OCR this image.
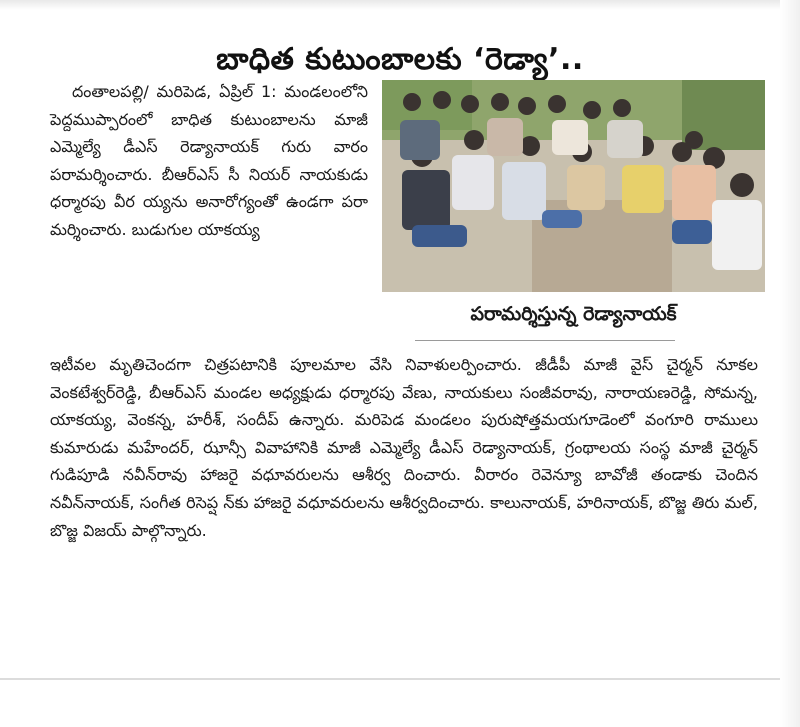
బాధిత కుటుంబాలకు ‘రెడ్యా’..

దంతాలపల్లి/ మరిపెడ, ఏప్రిల్ 1: మండలంలోని పెద్దముప్పారంలో బాధిత కుటుంబాలను మాజీ ఎమ్మెల్యే డీఎస్ రెడ్యానాయక్ గురు వారం పరామర్శించారు. బీఆర్ఎస్ సీ నియర్ నాయకుడు ధర్మారపు వీర య్యను అనారోగ్యంతో ఉండగా పరా మర్శించారు. బుడుగుల యాకయ్య

పరామర్శిస్తున్న రెడ్యానాయక్

ఇటీవల మృతిచెందగా చిత్రపటానికి పూలమాల వేసి నివాళులర్పించారు. జీడీపీ మాజీ వైస్ చైర్మన్ నూకల వెంకటేశ్వర్‌రెడ్డి, బీఆర్ఎస్ మండల అధ్యక్షుడు ధర్మారపు వేణు, నాయకులు సంజీవరావు, నారాయణరెడ్డి, సోమన్న, యాకయ్య, వెంకన్న, హరీశ్, సందీప్ ఉన్నారు. మరిపెడ మండలం పురుషోత్తమయగూడెంలో వంగూరి రాములు కుమారుడు మహేందర్, ఝాన్సీ వివాహానికి మాజీ ఎమ్మెల్యే డీఎస్ రెడ్యానాయక్, గ్రంథాలయ సంస్థ మాజీ చైర్మన్ గుడిపూడి నవీన్‌రావు హాజరై వధూవరులను ఆశీర్వ దించారు. వీరారం రెవెన్యూ బావోజీ తండాకు చెందిన నవీన్‌నాయక్, సంగీత రిసెప్ష న్‌కు హాజరై వధూవరులను ఆశీర్వదించారు. కాలునాయక్, హరినాయక్, బొజ్జ తిరు మల్, బొజ్జ విజయ్ పాల్గొన్నారు.
